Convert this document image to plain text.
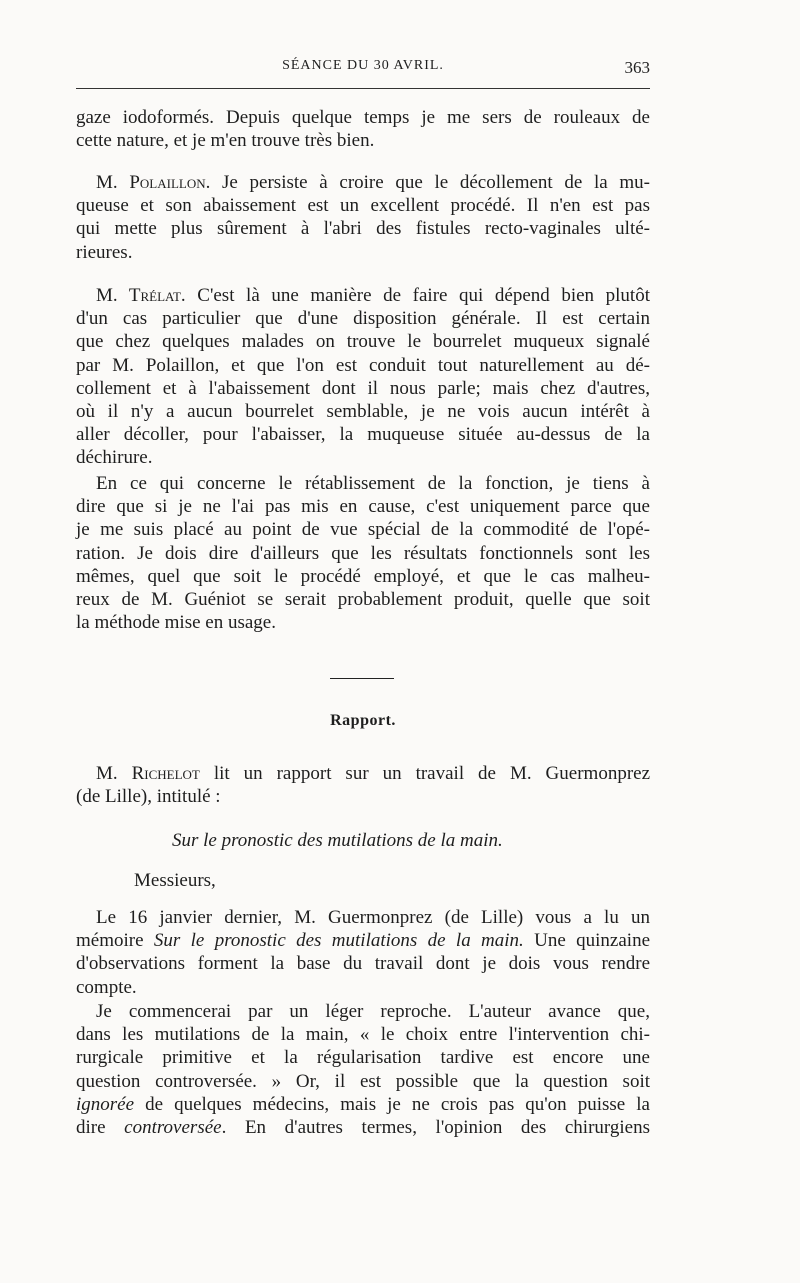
SÉANCE DU 30 AVRIL.	363
gaze iodoformés. Depuis quelque temps je me sers de rouleaux de
cette nature, et je m'en trouve très bien.
M. Polaillon. Je persiste à croire que le décollement de la mu-
queuse et son abaissement est un excellent procédé. Il n'en est pas
qui mette plus sûrement à l'abri des fistules recto-vaginales ulté-
rieures.
M. Trélat. C'est là une manière de faire qui dépend bien plutôt
d'un cas particulier que d'une disposition générale. Il est certain
que chez quelques malades on trouve le bourrelet muqueux signalé
par M. Polaillon, et que l'on est conduit tout naturellement au dé-
collement et à l'abaissement dont il nous parle; mais chez d'autres,
où il n'y a aucun bourrelet semblable, je ne vois aucun intérêt à
aller décoller, pour l'abaisser, la muqueuse située au-dessus de la
déchirure.
En ce qui concerne le rétablissement de la fonction, je tiens à
dire que si je ne l'ai pas mis en cause, c'est uniquement parce que
je me suis placé au point de vue spécial de la commodité de l'opé-
ration. Je dois dire d'ailleurs que les résultats fonctionnels sont les
mêmes, quel que soit le procédé employé, et que le cas malheu-
reux de M. Guéniot se serait probablement produit, quelle que soit
la méthode mise en usage.
Rapport.
M. Richelot lit un rapport sur un travail de M. Guermonprez
(de Lille), intitulé :
Sur le pronostic des mutilations de la main.
Messieurs,
Le 16 janvier dernier, M. Guermonprez (de Lille) vous a lu un
mémoire Sur le pronostic des mutilations de la main. Une quinzaine
d'observations forment la base du travail dont je dois vous rendre
compte.
Je commencerai par un léger reproche. L'auteur avance que,
dans les mutilations de la main, « le choix entre l'intervention chi-
rurgicale primitive et la régularisation tardive est encore une
question controversée. » Or, il est possible que la question soit
ignorée de quelques médecins, mais je ne crois pas qu'on puisse la
dire controversée. En d'autres termes, l'opinion des chirurgiens
